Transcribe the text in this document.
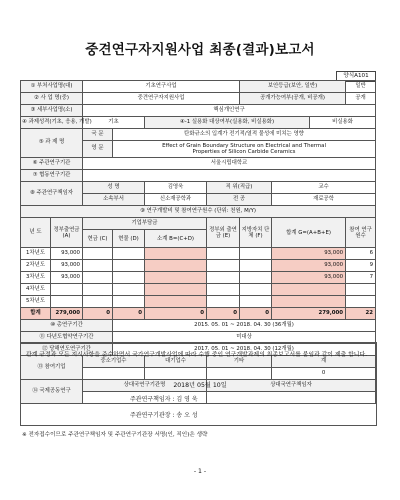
중견연구자지원사업 최종(결과)보고서
양식A101
① 부처사업명(대)		기초연구사업				보안등급(보안, 일반)			일반
② 사 업 명(중)		중견연구자지원사업				공개가능여부(공개, 비공개)			공개
③ 세부사업명(소)		핵심개인연구							
④ 과제성격(기초, 응용, 개발)		기초		④-1 실용화 대상여부(실용화, 비실용화)				비실용화	
⑤ 과 제 명		국 문	탄화규소의 입계가 전기적/열적 물성에 미치는 영향						
		영 문	Effect of Grain Boundary Structure on Electrical and Thermal
Properties of Silicon Carbide Ceramics						

⑥ 주관연구기관		서울시립대학교							
⑦ 협동연구기관									
⑧ 주관연구책임자		성 명		김영욱	직 위(직급)		교수		
		소속부서		신소재공학과	전 공		재료공학		
⑨ 연구개발비 및 참여연구원수 (단위: 천원, M/Y)									
년 도	정부출연금 (A)	기업부담금			정부외 출연금 (E)	지방자치 단체 (F)	합계 G=(A+B+E)		참여 연구원수
		현금 (C)	현물 (D)	소계 B=(C+D)					
1차년도	93,000						93,000		6
2차년도	93,000						93,000		9
3차년도	93,000						93,000		7
4차년도									
5차년도									
합계	279,000	0	0	0	0	0	279,000		22
⑩ 총연구기간			2015. 05. 01 ~ 2018. 04. 30 (36개월)						
⑪ 다년도협약연구기간			미대상						
⑫ 당해연도연구기간			2017. 05. 01 ~ 2018. 04. 30 (12개월)						
⑬ 참여기업		중소기업수		대기업수	기타		계		
							0		
⑭ 국제공동연구		상대국연구기관명			상대국연구책임자				

관계 규정과 모든 지시사항을 준수하면서 국가연구개발사업에 따라 수행 중인 연구개발과제의 최종보고서를 붙임과 같이 제출 합니다.
2018년 05월 10일
주관연구책임자 : 김 영 욱
주관연구기관장 : 송 오 성
※ 전자접수이므로 주관연구책임자 및 주관연구기관장 서명(인, 직인)은 생략
- 1 -
